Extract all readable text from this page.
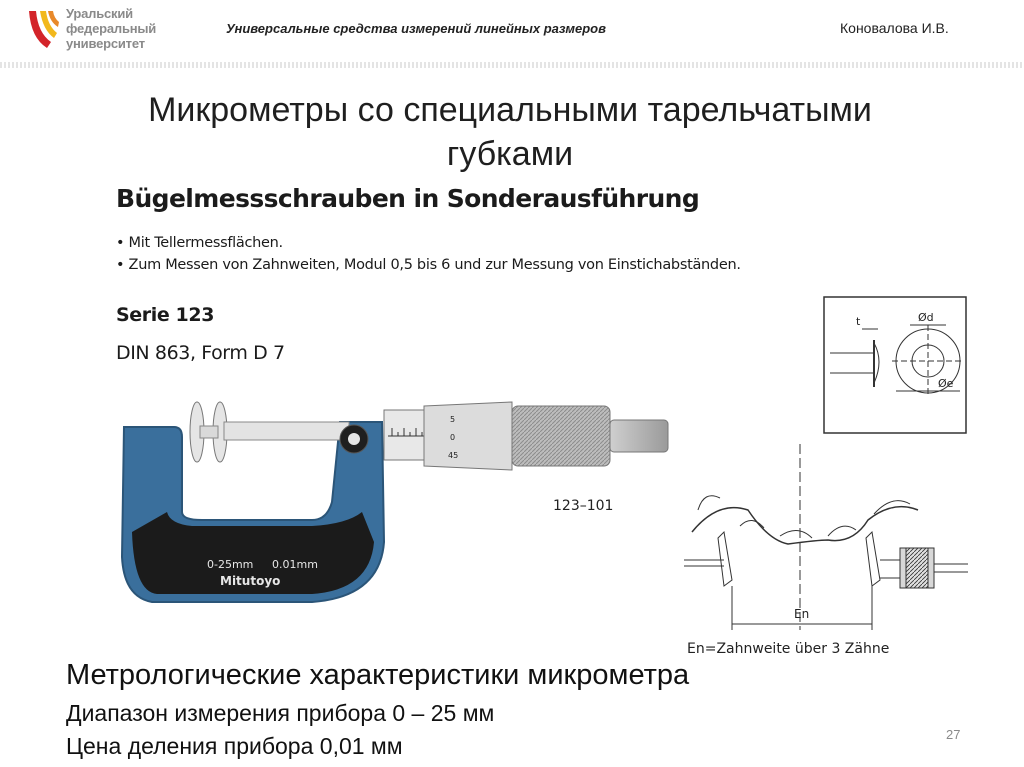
Уральский
федеральный
университет
Универсальные средства измерений линейных размеров	Коновалова И.В.
Микрометры со специальными тарельчатыми
губками
Bügelmessschrauben in Sonderausführung
• Mit Tellermessflächen.
• Zum Messen von Zahnweiten, Modul 0,5 bis 6 und zur Messung von Einstichabständen.
Serie 123
DIN 863, Form D 7
5
0
45
0-25mm 0.01mm
Mitutoyo
123–101
t	Ød
Øe
En
En=Zahnweite über 3 Zähne
Метрологические характеристики микрометра
Диапазон измерения прибора 0 – 25 мм
Цена деления прибора 0,01 мм	27
